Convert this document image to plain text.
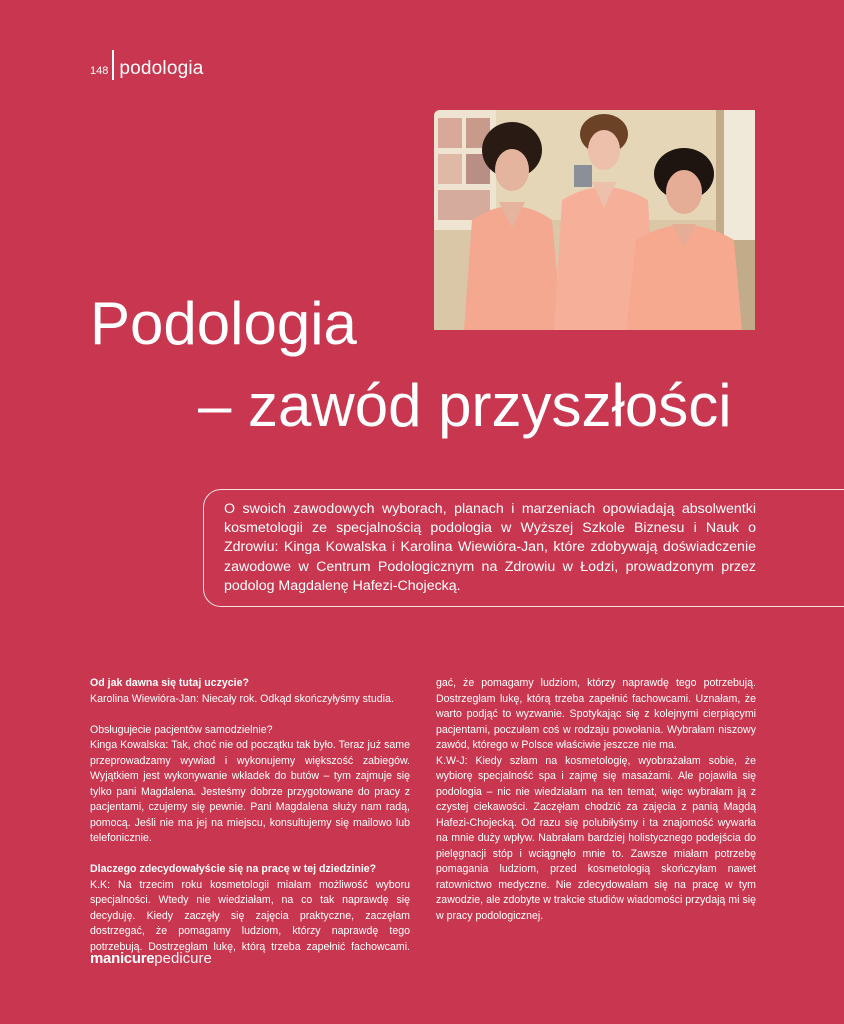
148 podologia
Podologia
– zawód przyszłości
O swoich zawodowych wyborach, planach i marzeniach opowiadają absolwentki kosmetologii ze specjalnością podologia w Wyższej Szkole Biznesu i Nauk o Zdrowiu: Kinga Kowalska i Karolina Wiewióra-Jan, które zdobywają doświadczenie zawodowe w Centrum Podologicznym na Zdrowiu w Łodzi, prowadzonym przez podolog Magdalenę Hafezi-Chojecką.

Od jak dawna się tutaj uczycie?

Karolina Wiewióra-Jan: Niecały rok. Odkąd skończyłyśmy studia.

Obsługujecie pacjentów samodzielnie?

Kinga Kowalska: Tak, choć nie od początku tak było. Teraz już same przeprowadzamy wywiad i wykonujemy większość zabiegów. Wyjątkiem jest wykonywanie wkładek do butów – tym zajmuje się tylko pani Magdalena. Jesteśmy dobrze przygotowane do pracy z pacjentami, czujemy się pewnie. Pani Magdalena służy nam radą, pomocą. Jeśli nie ma jej na miejscu, konsultujemy się mailowo lub telefonicznie.

Dlaczego zdecydowałyście się na pracę w tej dziedzinie?

K.K: Na trzecim roku kosmetologii miałam możliwość wyboru specjalności. Wtedy nie wiedziałam, na co tak naprawdę się decyduję. Kiedy zaczęły się zajęcia praktyczne, zaczęłam dostrzegać, że pomagamy ludziom, którzy naprawdę tego potrzebują. Dostrzegłam lukę, którą trzeba zapełnić fachowcami.

gać, że pomagamy ludziom, którzy naprawdę tego potrzebują. Dostrzegłam lukę, którą trzeba zapełnić fachowcami. Uznałam, że warto podjąć to wyzwanie. Spotykając się z kolejnymi cierpiącymi pacjentami, poczułam coś w rodzaju powołania. Wybrałam niszowy zawód, którego w Polsce właściwie jeszcze nie ma.

K.W-J: Kiedy szłam na kosmetologię, wyobrażałam sobie, że wybiorę specjalność spa i zajmę się masażami. Ale pojawiła się podologia – nic nie wiedziałam na ten temat, więc wybrałam ją z czystej ciekawości. Zaczęłam chodzić za zajęcia z panią Magdą Hafezi-Chojecką. Od razu się polubiłyśmy i ta znajomość wywarła na mnie duży wpływ. Nabrałam bardziej holistycznego podejścia do pielęgnacji stóp i wciągnęło mnie to. Zawsze miałam potrzebę pomagania ludziom, przed kosmetologią skończyłam nawet ratownictwo medyczne. Nie zdecydowałam się na pracę w tym zawodzie, ale zdobyte w trakcie studiów wiadomości przydają mi się w pracy podologicznej.

manicurepedicure
